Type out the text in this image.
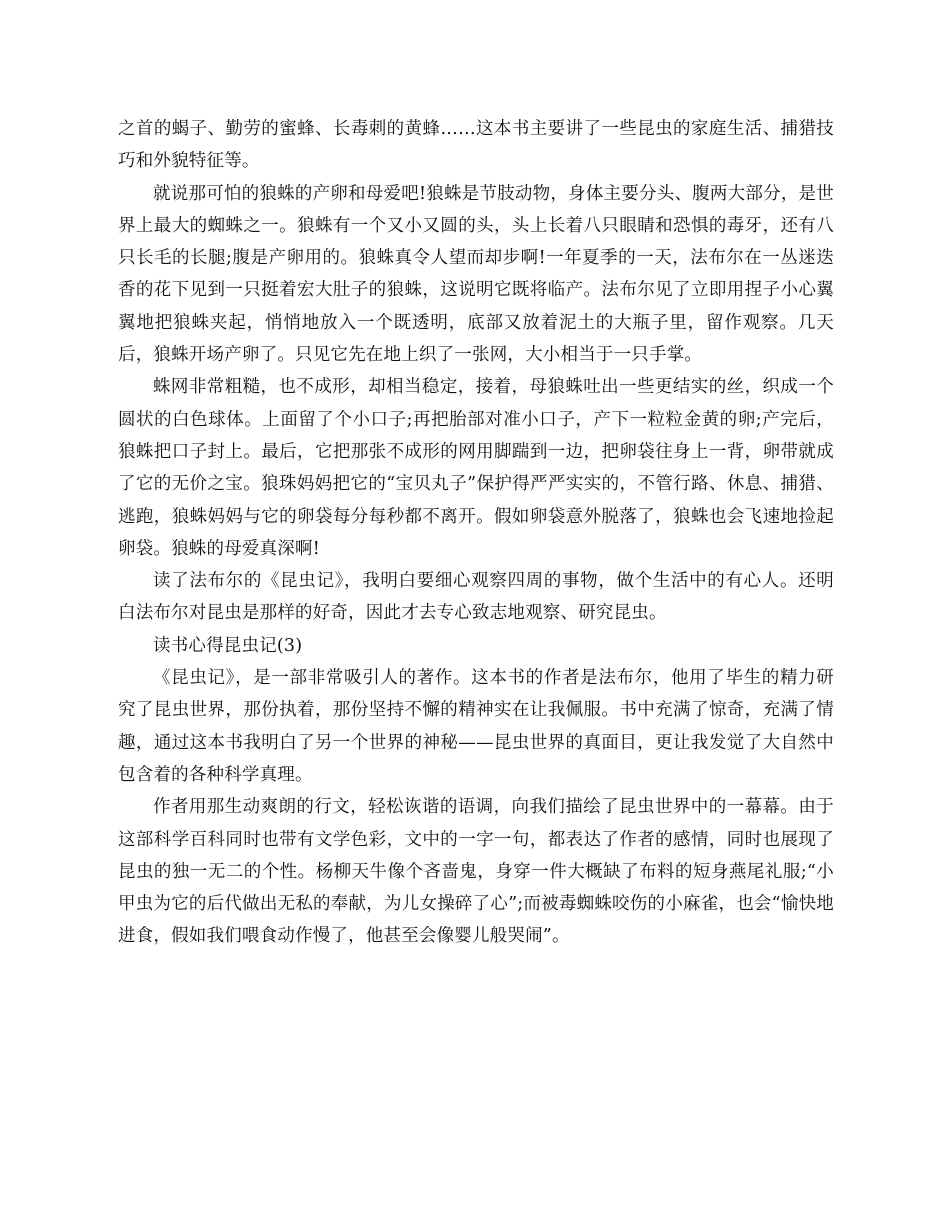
之首的蝎子、勤劳的蜜蜂、长毒刺的黄蜂……这本书主要讲了一些昆虫的家庭生活、捕猎技巧和外貌特征等。

就说那可怕的狼蛛的产卵和母爱吧!狼蛛是节肢动物，身体主要分头、腹两大部分，是世界上最大的蜘蛛之一。狼蛛有一个又小又圆的头，头上长着八只眼睛和恐惧的毒牙，还有八只长毛的长腿;腹是产卵用的。狼蛛真令人望而却步啊!一年夏季的一天，法布尔在一丛迷迭香的花下见到一只挺着宏大肚子的狼蛛，这说明它既将临产。法布尔见了立即用捏子小心翼翼地把狼蛛夹起，悄悄地放入一个既透明，底部又放着泥土的大瓶子里，留作观察。几天后，狼蛛开场产卵了。只见它先在地上织了一张网，大小相当于一只手掌。

蛛网非常粗糙，也不成形，却相当稳定，接着，母狼蛛吐出一些更结实的丝，织成一个圆状的白色球体。上面留了个小口子;再把胎部对准小口子，产下一粒粒金黄的卵;产完后，狼蛛把口子封上。最后，它把那张不成形的网用脚踹到一边，把卵袋往身上一背，卵带就成了它的无价之宝。狼珠妈妈把它的“宝贝丸子”保护得严严实实的，不管行路、休息、捕猎、逃跑，狼蛛妈妈与它的卵袋每分每秒都不离开。假如卵袋意外脱落了，狼蛛也会飞速地捡起卵袋。狼蛛的母爱真深啊!

读了法布尔的《昆虫记》，我明白要细心观察四周的事物，做个生活中的有心人。还明白法布尔对昆虫是那样的好奇，因此才去专心致志地观察、研究昆虫。

读书心得昆虫记(3)

《昆虫记》，是一部非常吸引人的著作。这本书的作者是法布尔，他用了毕生的精力研究了昆虫世界，那份执着，那份坚持不懈的精神实在让我佩服。书中充满了惊奇，充满了情趣，通过这本书我明白了另一个世界的神秘——昆虫世界的真面目，更让我发觉了大自然中包含着的各种科学真理。

作者用那生动爽朗的行文，轻松诙谐的语调，向我们描绘了昆虫世界中的一幕幕。由于这部科学百科同时也带有文学色彩，文中的一字一句，都表达了作者的感情，同时也展现了昆虫的独一无二的个性。杨柳天牛像个吝啬鬼，身穿一件大概缺了布料的短身燕尾礼服;“小甲虫为它的后代做出无私的奉献，为儿女操碎了心”;而被毒蜘蛛咬伤的小麻雀，也会“愉快地进食，假如我们喂食动作慢了，他甚至会像婴儿般哭闹”。
